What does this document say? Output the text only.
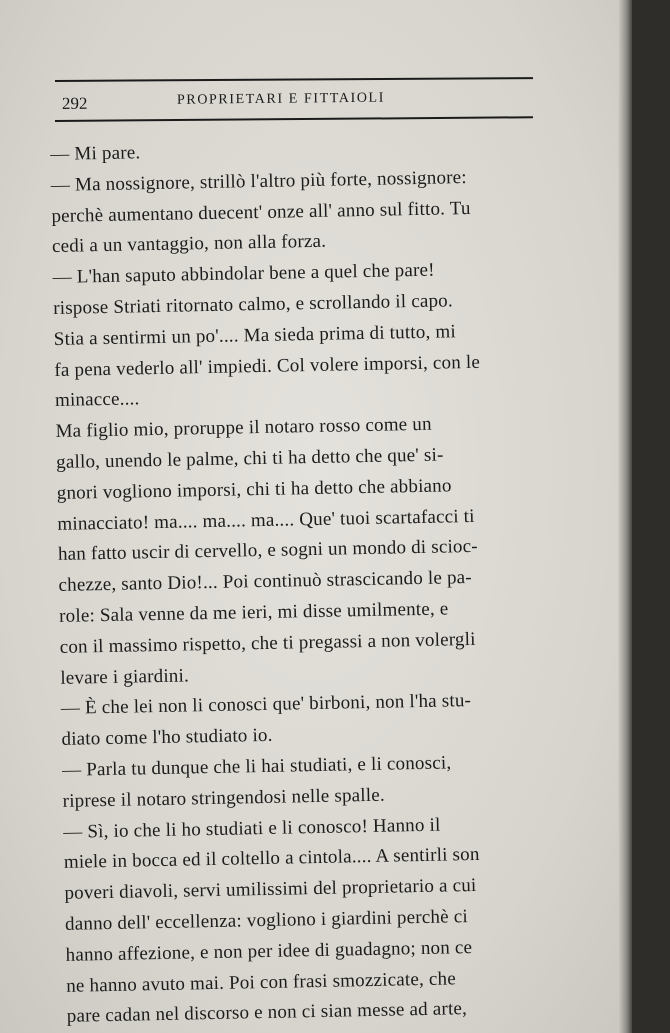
292	PROPRIETARI E FITTAIOLI
— Mi pare.
— Ma nossignore, strillò l'altro più forte, nossignore:
perchè aumentano duecent' onze all' anno sul fitto. Tu
cedi a un vantaggio, non alla forza.
— L'han saputo abbindolar bene a quel che pare!
rispose Striati ritornato calmo, e scrollando il capo.
Stia a sentirmi un po'.... Ma sieda prima di tutto, mi
fa pena vederlo all' impiedi. Col volere imporsi, con le
minacce....
Ma figlio mio, proruppe il notaro rosso come un
gallo, unendo le palme, chi ti ha detto che que' si-
gnori vogliono imporsi, chi ti ha detto che abbiano
minacciato! ma.... ma.... ma.... Que' tuoi scartafacci ti
han fatto uscir di cervello, e sogni un mondo di scioc-
chezze, santo Dio!... Poi continuò strascicando le pa-
role: Sala venne da me ieri, mi disse umilmente, e
con il massimo rispetto, che ti pregassi a non volergli
levare i giardini.
— È che lei non li conosci que' birboni, non l'ha stu-
diato come l'ho studiato io.
— Parla tu dunque che li hai studiati, e li conosci,
riprese il notaro stringendosi nelle spalle.
— Sì, io che li ho studiati e li conosco! Hanno il
miele in bocca ed il coltello a cintola.... A sentirli son
poveri diavoli, servi umilissimi del proprietario a cui
danno dell' eccellenza: vogliono i giardini perchè ci
hanno affezione, e non per idee di guadagno; non ce
ne hanno avuto mai. Poi con frasi smozzicate, che
pare cadan nel discorso e non ci sian messe ad arte,
